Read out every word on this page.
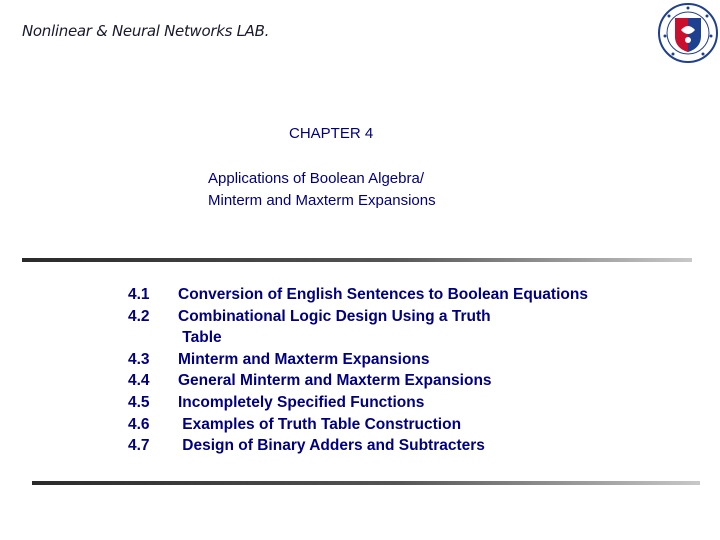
Nonlinear & Neural Networks LAB.
CHAPTER 4
Applications of Boolean Algebra/
Minterm and Maxterm Expansions
4.1	Conversion of English Sentences to Boolean Equations
4.2	Combinational Logic Design Using a Truth
Table
4.3	Minterm and Maxterm Expansions
4.4	General Minterm and Maxterm Expansions
4.5	Incompletely Specified Functions
4.6	Examples of Truth Table Construction
4.7	Design of Binary Adders and Subtracters
